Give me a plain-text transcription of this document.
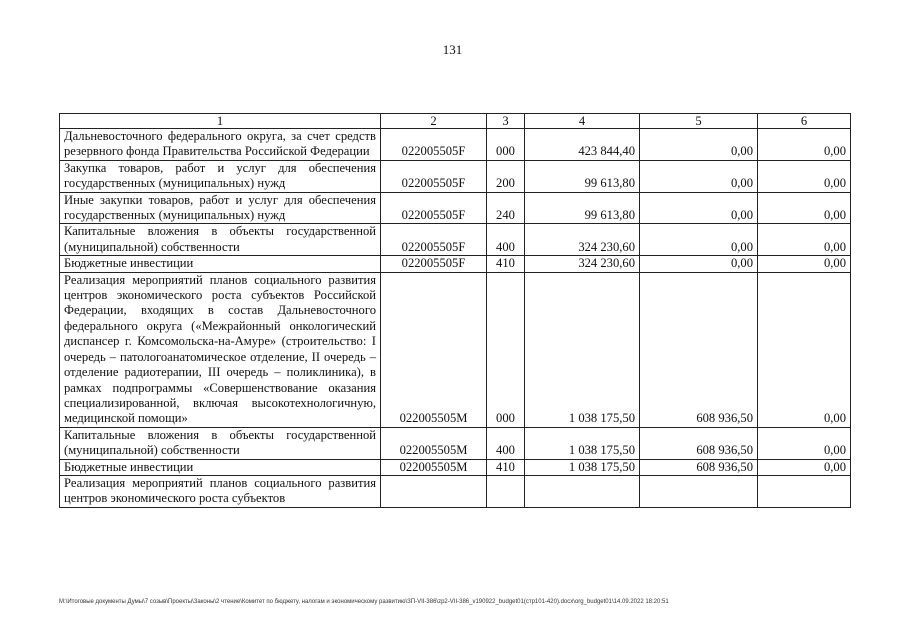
131
1	2	3	4	5	6
Дальневосточного федерального округа, за счет средств резервного фонда Правительства Российской Федерации	022005505F	000	423 844,40	0,00	0,00
Закупка товаров, работ и услуг для обеспечения государственных (муниципальных) нужд	022005505F	200	99 613,80	0,00	0,00
Иные закупки товаров, работ и услуг для обеспечения государственных (муниципальных) нужд	022005505F	240	99 613,80	0,00	0,00
Капитальные вложения в объекты государственной (муниципальной) собственности	022005505F	400	324 230,60	0,00	0,00
Бюджетные инвестиции	022005505F	410	324 230,60	0,00	0,00
Реализация мероприятий планов социального развития центров экономического роста субъектов Российской Федерации, входящих в состав Дальневосточного федерального округа («Межрайонный онкологический диспансер г. Комсомольска-на-Амуре» (строительство: I очередь – патологоанатомическое отделение, II очередь – отделение радиотерапии, III очередь – поликлиника), в рамках подпрограммы «Совершенствование оказания специализированной, включая высокотехнологичную, медицинской помощи»	022005505M	000	1 038 175,50	608 936,50	0,00
Капитальные вложения в объекты государственной (муниципальной) собственности	022005505M	400	1 038 175,50	608 936,50	0,00
Бюджетные инвестиции	022005505M	410	1 038 175,50	608 936,50	0,00
Реализация мероприятий планов социального развития центров экономического роста субъектов					
M:\Итоговые документы Думы\7 созыв\Проекты\Законы\2 чтение\Комитет по бюджету, налогам и экономическому развитию\ЗП-VII-386\zp2-VII-386_v190922_budget01(стр101-420).docx\org_budget01\14.09.2022 18:20:51
